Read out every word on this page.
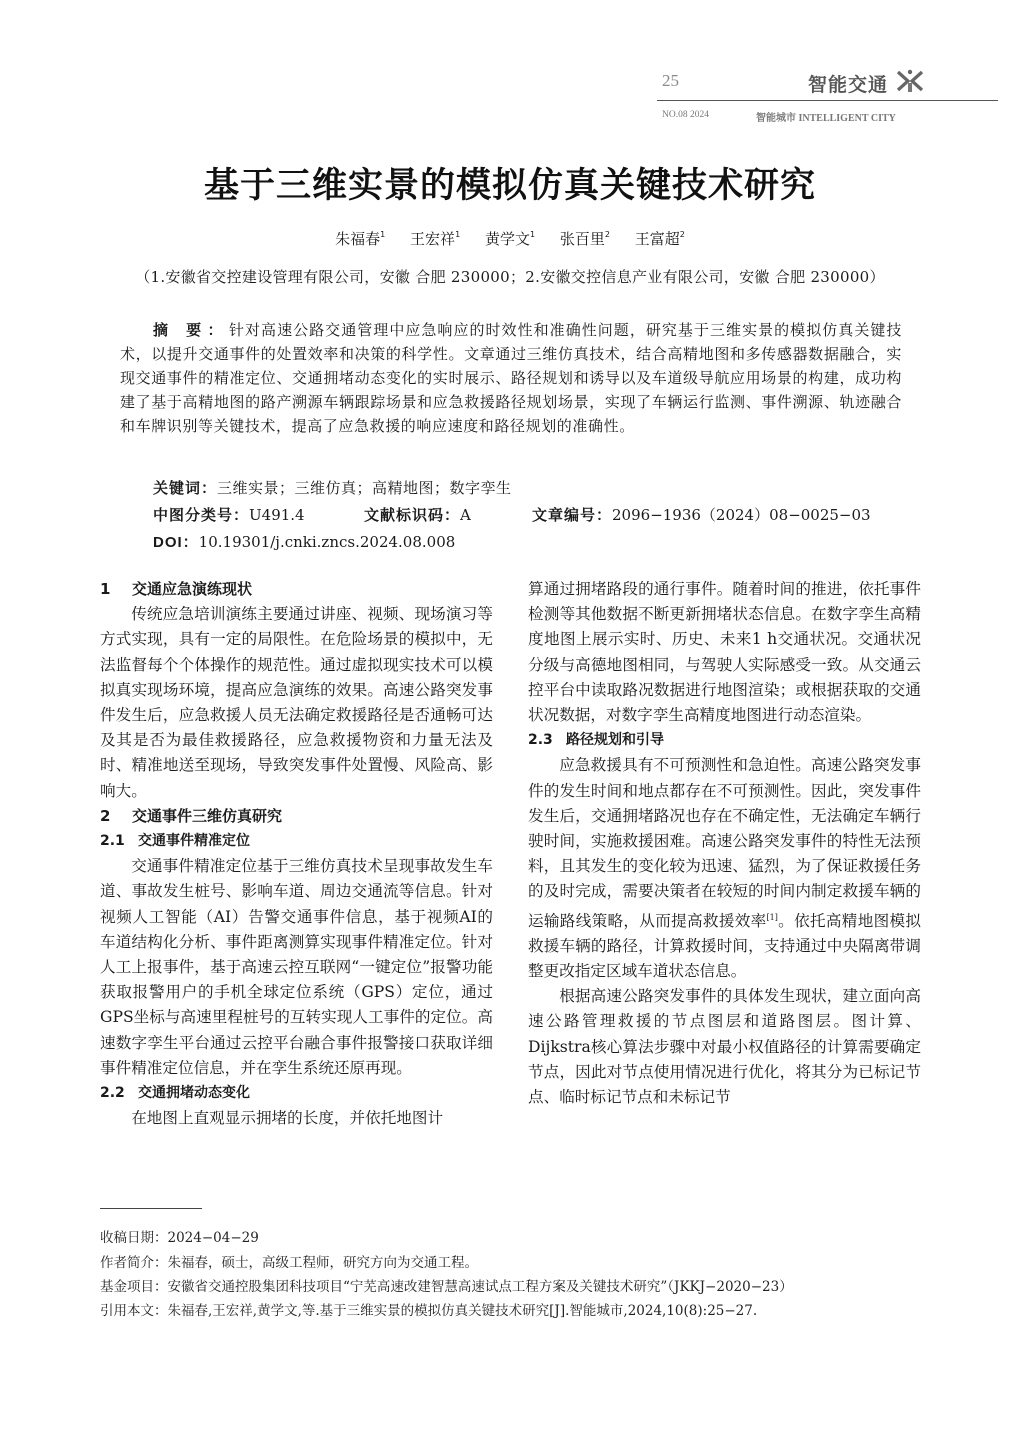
25	智能交通
NO.08 2024	智能城市 INTELLIGENT CITY
基于三维实景的模拟仿真关键技术研究
朱福春$^1$ 王宏祥$^1$ 黄学文$^1$ 张百里$^2$ 王富超$^2$
（1.安徽省交控建设管理有限公司，安徽 合肥 230000；2.安徽交控信息产业有限公司，安徽 合肥 230000）
摘 要：针对高速公路交通管理中应急响应的时效性和准确性问题，研究基于三维实景的模拟仿真关键技术，以提升交通事件的处置效率和决策的科学性。文章通过三维仿真技术，结合高精地图和多传感器数据融合，实现交通事件的精准定位、交通拥堵动态变化的实时展示、路径规划和诱导以及车道级导航应用场景的构建，成功构建了基于高精地图的路产溯源车辆跟踪场景和应急救援路径规划场景，实现了车辆运行监测、事件溯源、轨迹融合和车牌识别等关键技术，提高了应急救援的响应速度和路径规划的准确性。
关键词：三维实景；三维仿真；高精地图；数字孪生
中图分类号：U491.4	文献标识码：A	文章编号：2096−1936（2024）08−0025−03
DOI：10.19301/j.cnki.zncs.2024.08.008
1 交通应急演练现状

传统应急培训演练主要通过讲座、视频、现场演习等方式实现，具有一定的局限性。在危险场景的模拟中，无法监督每个个体操作的规范性。通过虚拟现实技术可以模拟真实现场环境，提高应急演练的效果。高速公路突发事件发生后，应急救援人员无法确定救援路径是否通畅可达及其是否为最佳救援路径，应急救援物资和力量无法及时、精准地送至现场，导致突发事件处置慢、风险高、影响大。

2 交通事件三维仿真研究
2.1 交通事件精准定位

交通事件精准定位基于三维仿真技术呈现事故发生车道、事故发生桩号、影响车道、周边交通流等信息。针对视频人工智能（AI）告警交通事件信息，基于视频AI的车道结构化分析、事件距离测算实现事件精准定位。针对人工上报事件，基于高速云控互联网“一键定位”报警功能获取报警用户的手机全球定位系统（GPS）定位，通过GPS坐标与高速里程桩号的互转实现人工事件的定位。高速数字孪生平台通过云控平台融合事件报警接口获取详细事件精准定位信息，并在孪生系统还原再现。

2.2 交通拥堵动态变化

在地图上直观显示拥堵的长度，并依托地图计

算通过拥堵路段的通行事件。随着时间的推进，依托事件检测等其他数据不断更新拥堵状态信息。在数字孪生高精度地图上展示实时、历史、未来1 h交通状况。交通状况分级与高德地图相同，与驾驶人实际感受一致。从交通云控平台中读取路况数据进行地图渲染；或根据获取的交通状况数据，对数字孪生高精度地图进行动态渲染。

2.3 路径规划和引导

应急救援具有不可预测性和急迫性。高速公路突发事件的发生时间和地点都存在不可预测性。因此，突发事件发生后，交通拥堵路况也存在不确定性，无法确定车辆行驶时间，实施救援困难。高速公路突发事件的特性无法预料，且其发生的变化较为迅速、猛烈，为了保证救援任务的及时完成，需要决策者在较短的时间内制定救援车辆的运输路线策略，从而提高救援效率[1]。依托高精地图模拟救援车辆的路径，计算救援时间，支持通过中央隔离带调整更改指定区域车道状态信息。

根据高速公路突发事件的具体发生现状，建立面向高速公路管理救援的节点图层和道路图层。图计算、Dijkstra核心算法步骤中对最小权值路径的计算需要确定节点，因此对节点使用情况进行优化，将其分为已标记节点、临时标记节点和未标记节

收稿日期：2024−04−29
作者简介：朱福春，硕士，高级工程师，研究方向为交通工程。
基金项目：安徽省交通控股集团科技项目“宁芜高速改建智慧高速试点工程方案及关键技术研究”（JKKJ−2020−23）
引用本文：朱福春,王宏祥,黄学文,等.基于三维实景的模拟仿真关键技术研究[J].智能城市,2024,10(8):25−27.
